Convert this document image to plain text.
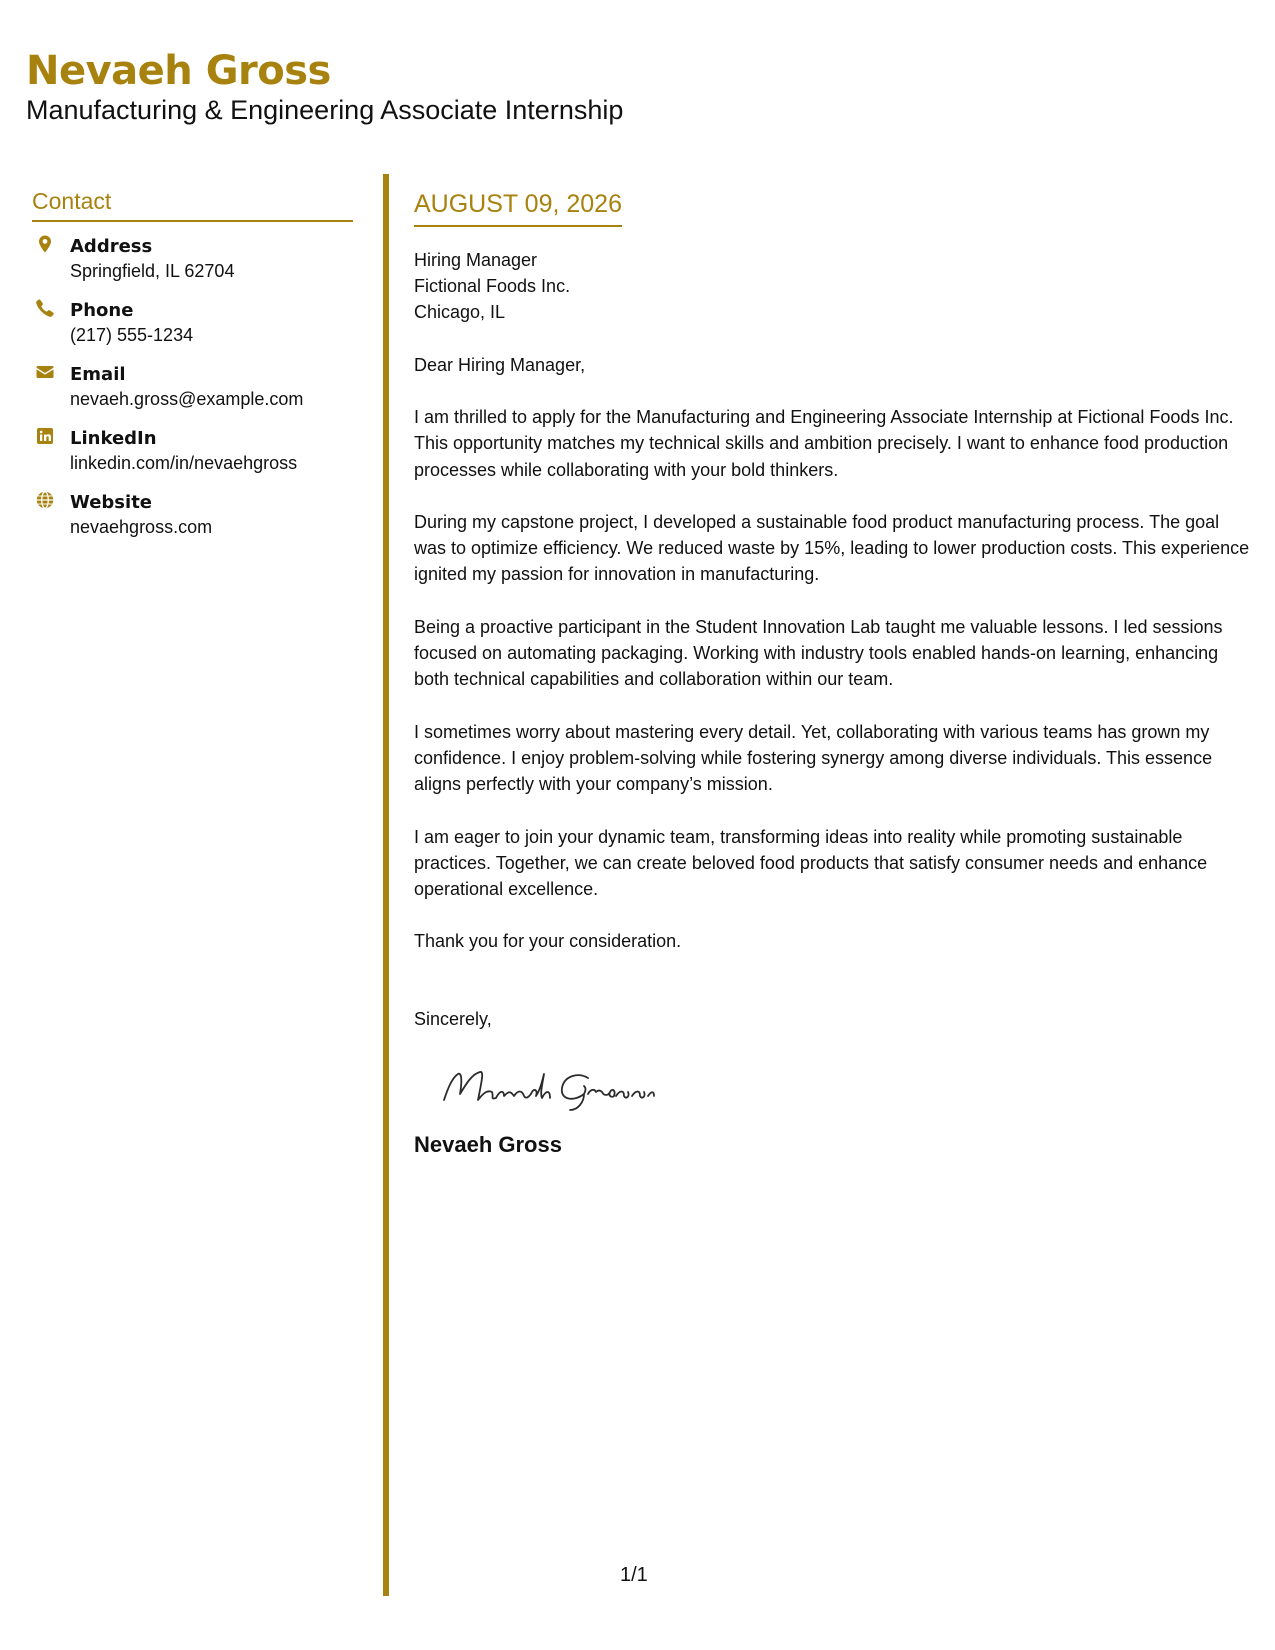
Nevaeh Gross

Manufacturing & Engineering Associate Internship

Contact
Address
Springfield, IL 62704
Phone
(217) 555-1234
Email
nevaeh.gross@example.com
LinkedIn
linkedin.com/in/nevaehgross
Website
nevaehgross.com
AUGUST 09, 2026
Hiring Manager
Fictional Foods Inc.
Chicago, IL
Dear Hiring Manager,
I am thrilled to apply for the Manufacturing and Engineering Associate Internship at Fictional Foods Inc. This opportunity matches my technical skills and ambition precisely. I want to enhance food production processes while collaborating with your bold thinkers.
During my capstone project, I developed a sustainable food product manufacturing process. The goal was to optimize efficiency. We reduced waste by 15%, leading to lower production costs. This experience ignited my passion for innovation in manufacturing.
Being a proactive participant in the Student Innovation Lab taught me valuable lessons. I led sessions focused on automating packaging. Working with industry tools enabled hands-on learning, enhancing both technical capabilities and collaboration within our team.
I sometimes worry about mastering every detail. Yet, collaborating with various teams has grown my confidence. I enjoy problem-solving while fostering synergy among diverse individuals. This essence aligns perfectly with your company’s mission.
I am eager to join your dynamic team, transforming ideas into reality while promoting sustainable practices. Together, we can create beloved food products that satisfy consumer needs and enhance operational excellence.
Thank you for your consideration.
Sincerely,
Nevaeh Gross
1/1
